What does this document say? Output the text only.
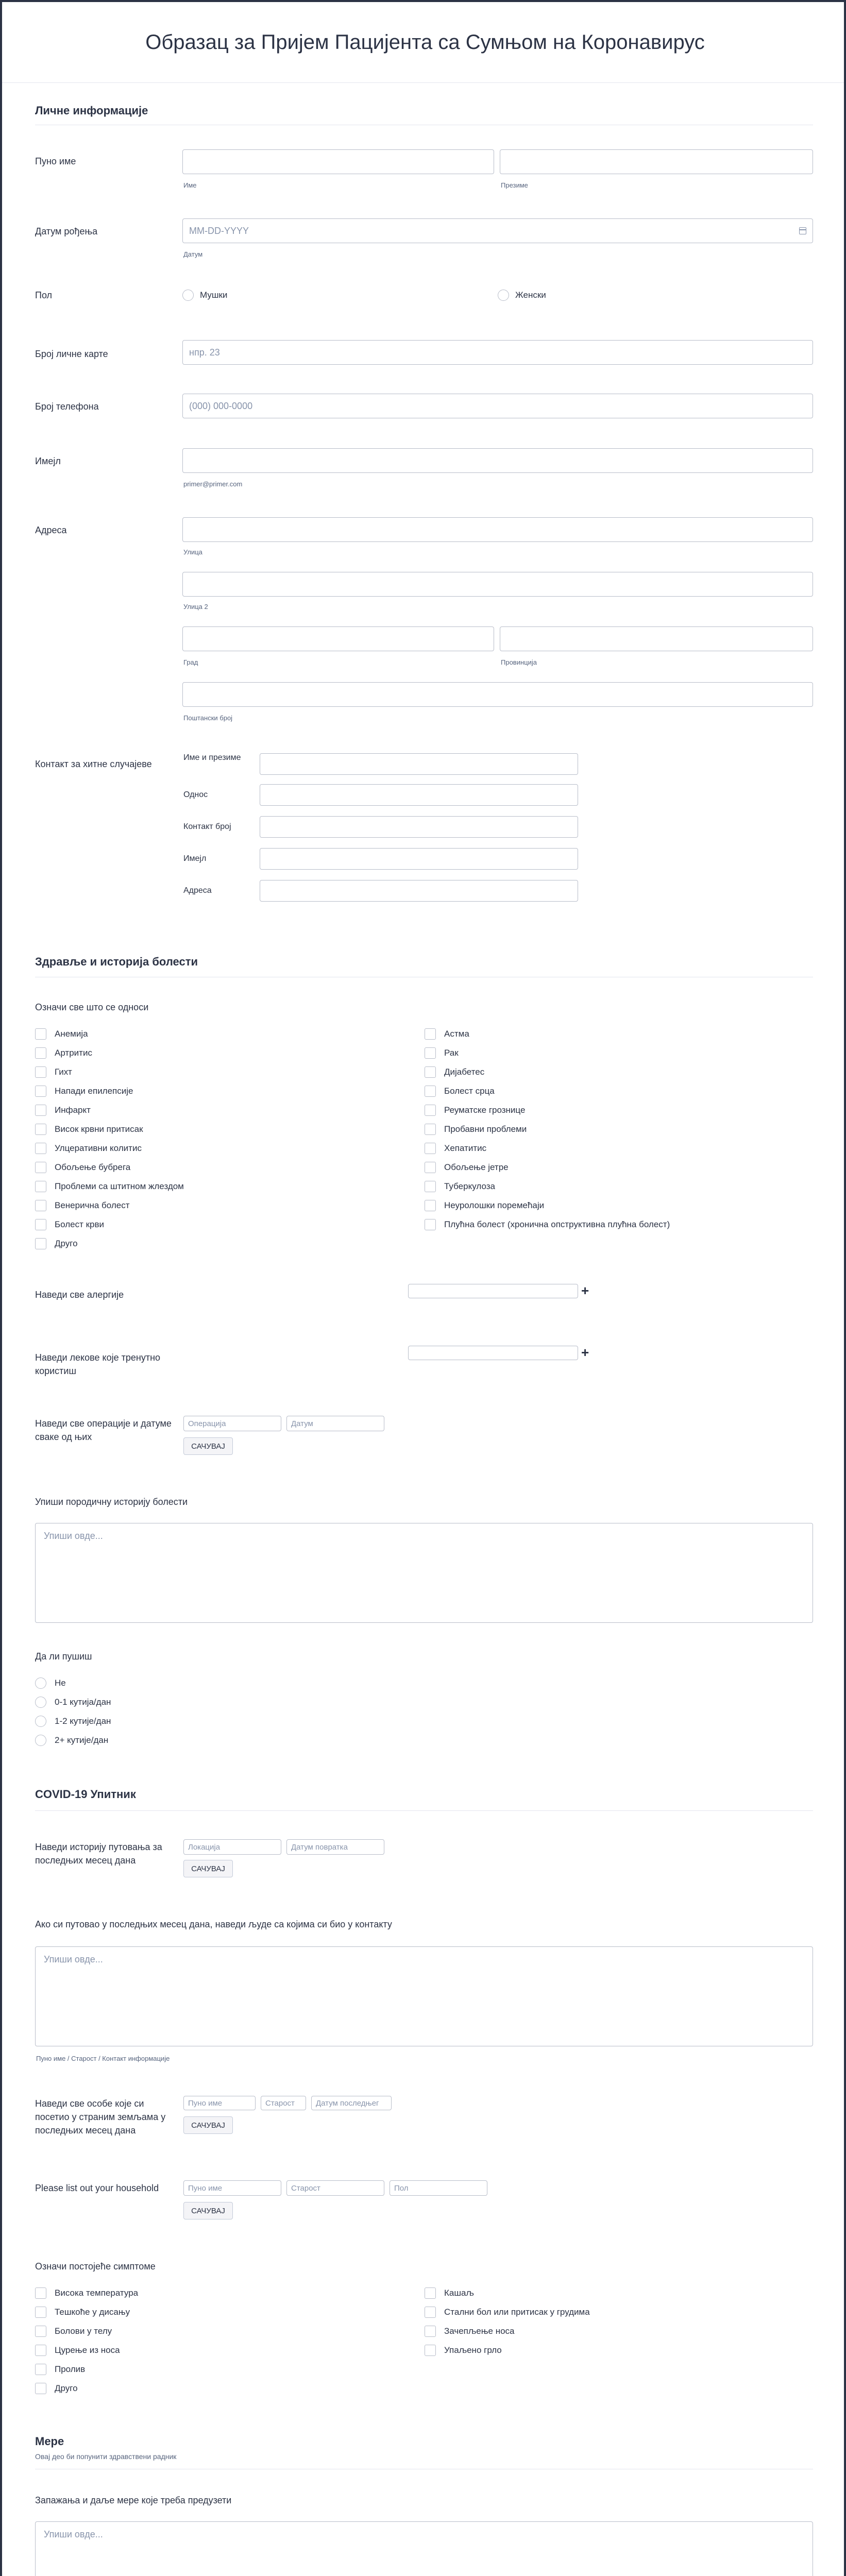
Образац за Пријем Пацијента са Сумњом на Коронавирус
Личне информације
Пуно име
Име	Презиме
Датум рођења	MM-DD-YYYY
Датум
Пол	Мушки	Женски
Број личне карте	нпр. 23
Број телефона	(000) 000-0000
Имејл
primer@primer.com
Адреса
Улица
Улица 2
Град	Провинција
Поштански број
Контакт за хитне случајеве
Име и презиме
Однос
Контакт број
Имејл
Адреса
Здравље и историја болести
Означи све што се односи
Анемија
Артритис
Гихт
Напади епилепсије
Инфаркт
Висок крвни притисак
Улцеративни колитис
Обољење бубрега
Проблеми са штитном жлездом
Венерична болест
Болест крви
Друго
Астма
Рак
Дијабетес
Болест срца
Реуматске грознице
Пробавни проблеми
Хепатитис
Обољење јетре
Туберкулоза
Неуролошки поремећаји
Плућна болест (хронична опструктивна плућна болест)
Наведи све алергије	+
Наведи лекове које тренутно користиш
+
Наведи све операције и датуме сваке од њих
Операција	Датум
САЧУВАЈ
Упиши породичну историју болести
Упиши овде...
Да ли пушиш
Не
0-1 кутија/дан
1-2 кутије/дан
2+ кутије/дан
COVID-19 Упитник
Наведи историју путовања за последњих месец дана
Локација	Датум повратка
САЧУВАЈ
Ако си путовао у последњих месец дана, наведи људе са којима си био у контакту
Упиши овде...
Пуно име / Старост / Контакт информације
Наведи све особе које си посетио у страним земљама у последњих месец дана
Пуно име	Старост	Датум последњег
САЧУВАЈ
Please list out your household	Пуно име	Старост	Пол
САЧУВАЈ
Означи постојеће симптоме
Висока температура
Тешкоће у дисању
Болови у телу
Цурење из носа
Пролив
Друго
Кашаљ
Стални бол или притисак у грудима
Зачепљење носа
Упаљено грло
Мере
Овај део би попунити здравствени радник
Запажања и даље мере које треба предузети
Упиши овде...
